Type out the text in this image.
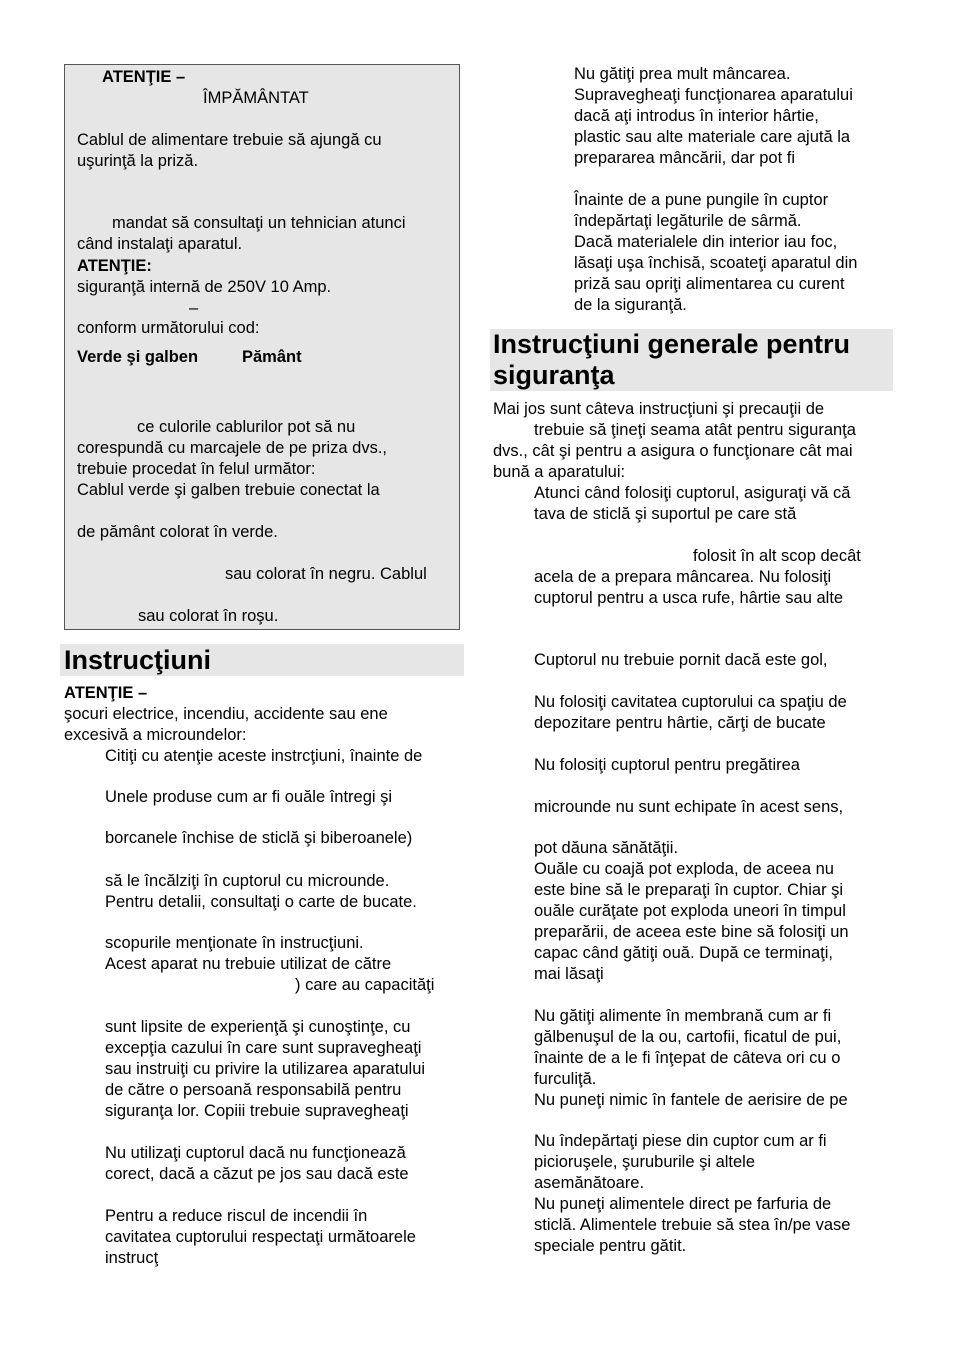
ATENŢIE –
ÎMPĂMÂNTAT
Cablul de alimentare trebuie să ajungă cu
uşurinţă la priză.
mandat să consultaţi un tehnician atunci
când instalaţi aparatul.
ATENŢIE:
siguranţă internă de 250V 10 Amp.
–
conform următorului cod:
Verde şi galben	Pământ
ce culorile cablurilor pot să nu
corespundă cu marcajele de pe priza dvs.,
trebuie procedat în felul următor:
Cablul verde şi galben trebuie conectat la
de pământ colorat în verde.
sau colorat în negru. Cablul
sau colorat în roşu.
Instrucţiuni
ATENŢIE –
şocuri electrice, incendiu, accidente sau ene
excesivă a microundelor:
Citiţi cu atenţie aceste instrcţiuni, înainte de
Unele produse cum ar fi ouăle întregi şi
borcanele închise de sticlă şi biberoanele)
să le încălziţi în cuptorul cu microunde.
Pentru detalii, consultaţi o carte de bucate.
scopurile menţionate în instrucţiuni.
Acest aparat nu trebuie utilizat de către
) care au capacităţi
sunt lipsite de experienţă şi cunoştinţe, cu
excepţia cazului în care sunt supravegheaţi
sau instruiţi cu privire la utilizarea aparatului
de către o persoană responsabilă pentru
siguranţa lor. Copiii trebuie supravegheaţi
Nu utilizaţi cuptorul dacă nu funcţionează
corect, dacă a căzut pe jos sau dacă este
Pentru a reduce riscul de incendii în
cavitatea cuptorului respectaţi următoarele
instrucţ
Nu gătiţi prea mult mâncarea.
Supravegheaţi funcţionarea aparatului
dacă aţi introdus în interior hârtie,
plastic sau alte materiale care ajută la
prepararea mâncării, dar pot fi
Înainte de a pune pungile în cuptor
îndepărtaţi legăturile de sârmă.
Dacă materialele din interior iau foc,
lăsaţi uşa închisă, scoateţi aparatul din
priză sau opriţi alimentarea cu curent
de la siguranţă.
Instrucţiuni generale pentru
siguranţa
Mai jos sunt câteva instrucţiuni şi precauţii de
trebuie să ţineţi seama atât pentru siguranţa
dvs., cât şi pentru a asigura o funcţionare cât mai
bună a aparatului:
Atunci când folosiţi cuptorul, asiguraţi vă că
tava de sticlă şi suportul pe care stă
folosit în alt scop decât
acela de a prepara mâncarea. Nu folosiţi
cuptorul pentru a usca rufe, hârtie sau alte
Cuptorul nu trebuie pornit dacă este gol,
Nu folosiţi cavitatea cuptorului ca spaţiu de
depozitare pentru hârtie, cărţi de bucate
Nu folosiţi cuptorul pentru pregătirea
microunde nu sunt echipate în acest sens,
pot dăuna sănătăţii.
Ouăle cu coajă pot exploda, de aceea nu
este bine să le preparaţi în cuptor. Chiar şi
ouăle curăţate pot exploda uneori în timpul
preparării, de aceea este bine să folosiţi un
capac când gătiţi ouă. După ce terminaţi,
mai lăsaţi
Nu gătiţi alimente în membrană cum ar fi
gălbenuşul de la ou, cartofii, ficatul de pui,
înainte de a le fi înţepat de câteva ori cu o
furculiţă.
Nu puneţi nimic în fantele de aerisire de pe
Nu îndepărtaţi piese din cuptor cum ar fi
picioruşele, şuruburile şi altele
asemănătoare.
Nu puneţi alimentele direct pe farfuria de
sticlă. Alimentele trebuie să stea în/pe vase
speciale pentru gătit.
